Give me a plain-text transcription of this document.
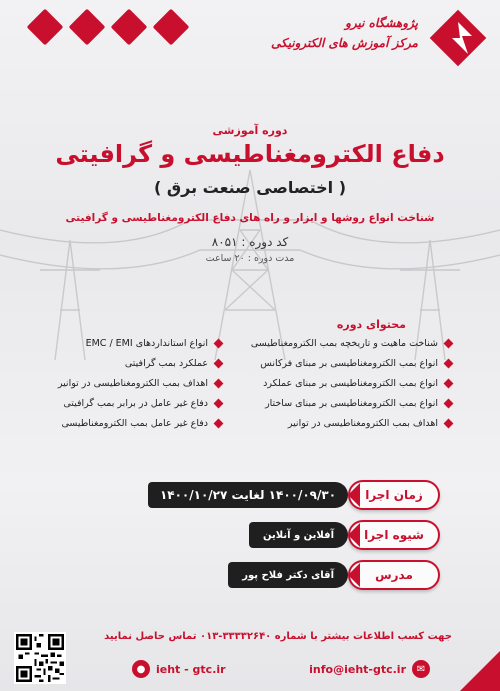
پژوهشگاه نیرو
مرکز آموزش های الکترونیکی
دوره آموزشی
دفاع الکترومغناطیسی و گرافیتی
( اختصاصی صنعت برق )
شناخت انواع روشها و ابزار و راه های دفاع الکترومغناطیسی و گرافیتی
کد دوره : ۸۰۵۱
مدت دوره : ۲۰ ساعت
محتوای دوره
شناخت ماهیت و تاریخچه بمب الکترومغناطیسی
انواع بمب الکترومغناطیسی بر مبنای فرکانس
انواع بمب الکترومغناطیسی بر مبنای عملکرد
انواع بمب الکترومغناطیسی بر مبنای ساختار
اهداف بمب الکترومغناطیسی در توانیر
انواع استانداردهای EMC / EMI
عملکرد بمب گرافیتی
اهداف بمب الکترومغناطیسی در توانیر
دفاع غیر عامل در برابر بمب گرافیتی
دفاع غیر عامل بمب الکترومغناطیسی
زمان اجرا
۱۴۰۰/۰۹/۳۰ لغایت ۱۴۰۰/۱۰/۲۷
شیوه اجرا
آفلاین و آنلاین
مدرس
آقای دکتر فلاح پور
جهت کسب اطلاعات بیشتر با شماره ۳۳۳۳۲۶۴۰-۰۱۳ تماس حاصل نمایید
● ieht - gtc.ir	info@ieht-gtc.ir	✉
